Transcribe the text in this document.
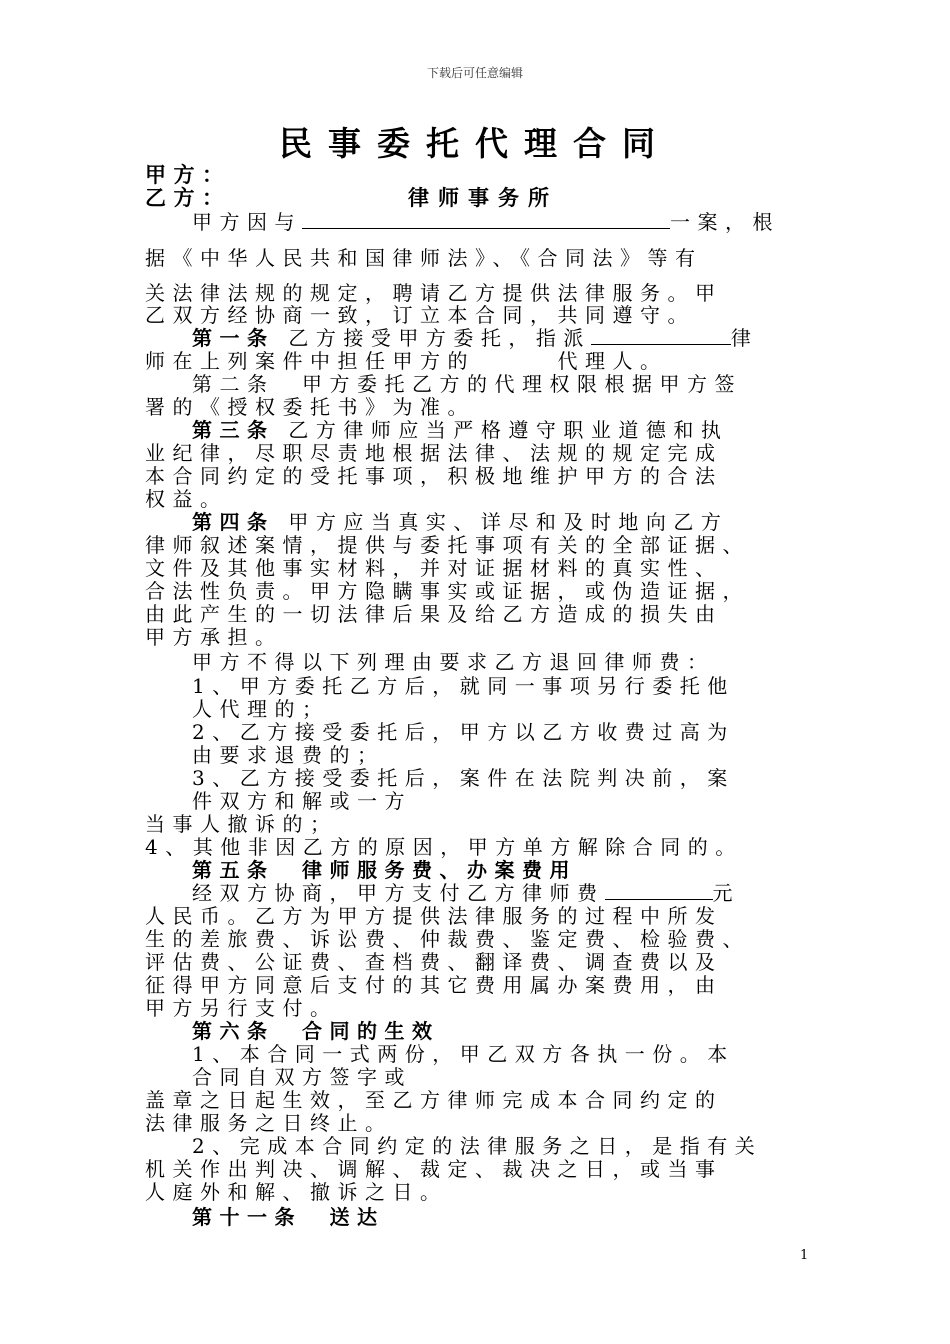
下载后可任意编辑
民事委托代理合同
甲方：
乙方：	律师事务所
甲方因与	一案，根
据《中华人民共和国律师法》、《合同法》等有
关法律法规的规定，聘请乙方提供法律服务。甲
乙双方经协商一致，订立本合同，共同遵守。
第一条 乙方接受甲方委托，指派	律
师在上列案件中担任甲方的　　　代理人。
第二条　甲方委托乙方的代理权限根据甲方签
署的《授权委托书》为准。
第三条 乙方律师应当严格遵守职业道德和执
业纪律，尽职尽责地根据法律、法规的规定完成
本合同约定的受托事项，积极地维护甲方的合法
权益。
第四条 甲方应当真实、详尽和及时地向乙方
律师叙述案情，提供与委托事项有关的全部证据、
文件及其他事实材料，并对证据材料的真实性、
合法性负责。甲方隐瞒事实或证据，或伪造证据，
由此产生的一切法律后果及给乙方造成的损失由
甲方承担。
甲方不得以下列理由要求乙方退回律师费：
1、甲方委托乙方后，就同一事项另行委托他
人代理的；
2、乙方接受委托后，甲方以乙方收费过高为
由要求退费的；
3、乙方接受委托后，案件在法院判决前，案
件双方和解或一方
当事人撤诉的；
4、其他非因乙方的原因，甲方单方解除合同的。
第五条　律师服务费、办案费用
经双方协商，甲方支付乙方律师费	元
人民币。乙方为甲方提供法律服务的过程中所发
生的差旅费、诉讼费、仲裁费、鉴定费、检验费、
评估费、公证费、查档费、翻译费、调查费以及
征得甲方同意后支付的其它费用属办案费用，由
甲方另行支付。
第六条　合同的生效
1、本合同一式两份，甲乙双方各执一份。本
合同自双方签字或
盖章之日起生效，至乙方律师完成本合同约定的
法律服务之日终止。
2、完成本合同约定的法律服务之日，是指有关
机关作出判决、调解、裁定、裁决之日，或当事
人庭外和解、撤诉之日。
第十一条　送达
1
